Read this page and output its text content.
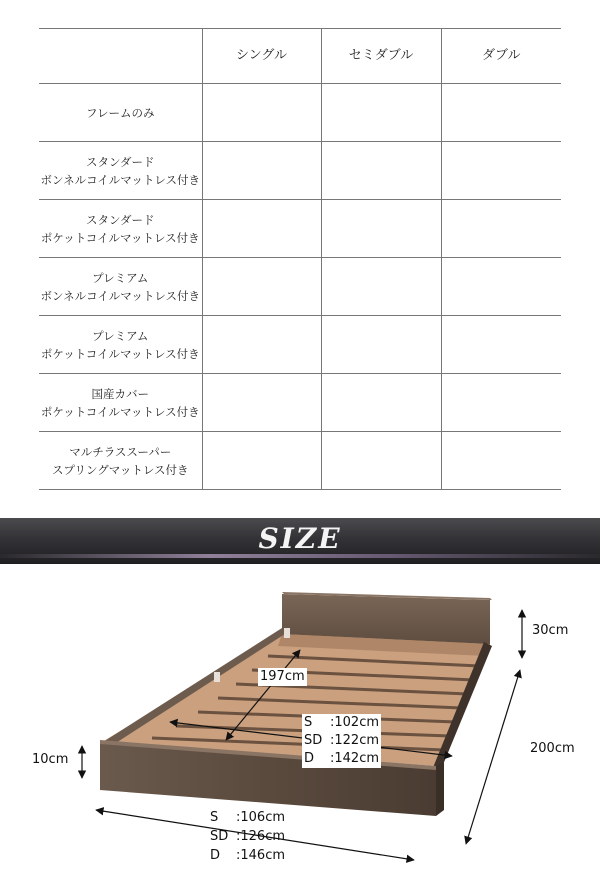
	シングル	セミダブル	ダブル

フレームのみ			

スタンダード
ボンネルコイルマットレス付き			

スタンダード
ポケットコイルマットレス付き			

プレミアム
ボンネルコイルマットレス付き			

プレミアム
ポケットコイルマットレス付き			

国産カバー
ポケットコイルマットレス付き			

マルチラススーパー
スプリングマットレス付き			

SIZE
30cm
200cm
197cm
10cm
S :102cm
SD :122cm
D :142cm
S :106cm
SD :126cm
D :146cm
